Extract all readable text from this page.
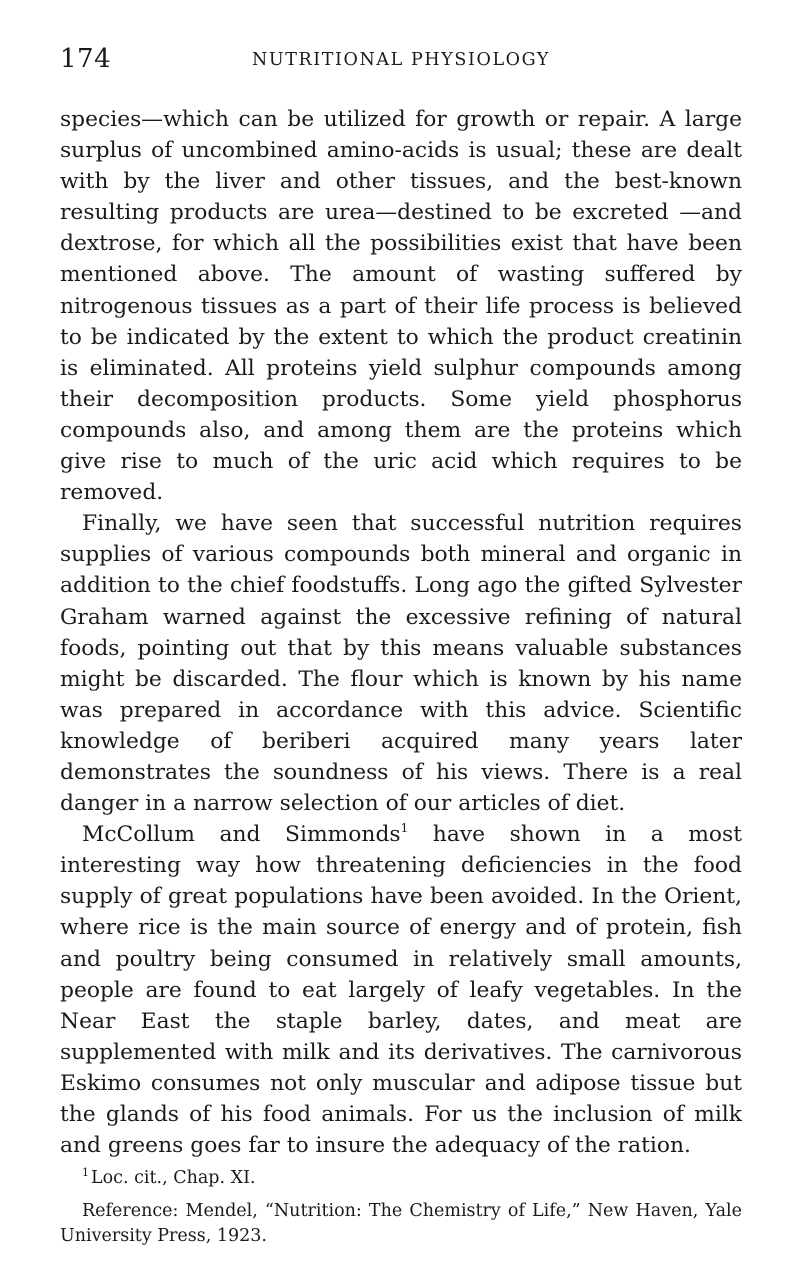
174	NUTRITIONAL PHYSIOLOGY

species—which can be utilized for growth or repair. A large surplus of uncombined amino-acids is usual; these are dealt with by the liver and other tissues, and the best-known resulting products are urea—destined to be excreted —and dextrose, for which all the possibilities exist that have been mentioned above. The amount of wasting suffered by nitrogenous tissues as a part of their life process is believed to be indicated by the extent to which the product creatinin is eliminated. All proteins yield sulphur compounds among their decomposition products. Some yield phosphorus compounds also, and among them are the proteins which give rise to much of the uric acid which requires to be removed.

Finally, we have seen that successful nutrition requires supplies of various compounds both mineral and organic in addition to the chief foodstuffs. Long ago the gifted Sylvester Graham warned against the excessive refining of natural foods, pointing out that by this means valuable substances might be discarded. The flour which is known by his name was prepared in accordance with this advice. Scientific knowledge of beriberi acquired many years later demonstrates the soundness of his views. There is a real danger in a narrow selection of our articles of diet.

McCollum and Simmonds$^1$ have shown in a most interesting way how threatening deficiencies in the food supply of great populations have been avoided. In the Orient, where rice is the main source of energy and of protein, fish and poultry being consumed in relatively small amounts, people are found to eat largely of leafy vegetables. In the Near East the staple barley, dates, and meat are supplemented with milk and its derivatives. The carnivorous Eskimo consumes not only muscular and adipose tissue but the glands of his food animals. For us the inclusion of milk and greens goes far to insure the adequacy of the ration.

$^1$ Loc. cit., Chap. XI.

Reference: Mendel, “Nutrition: The Chemistry of Life,” New Haven, Yale University Press, 1923.
